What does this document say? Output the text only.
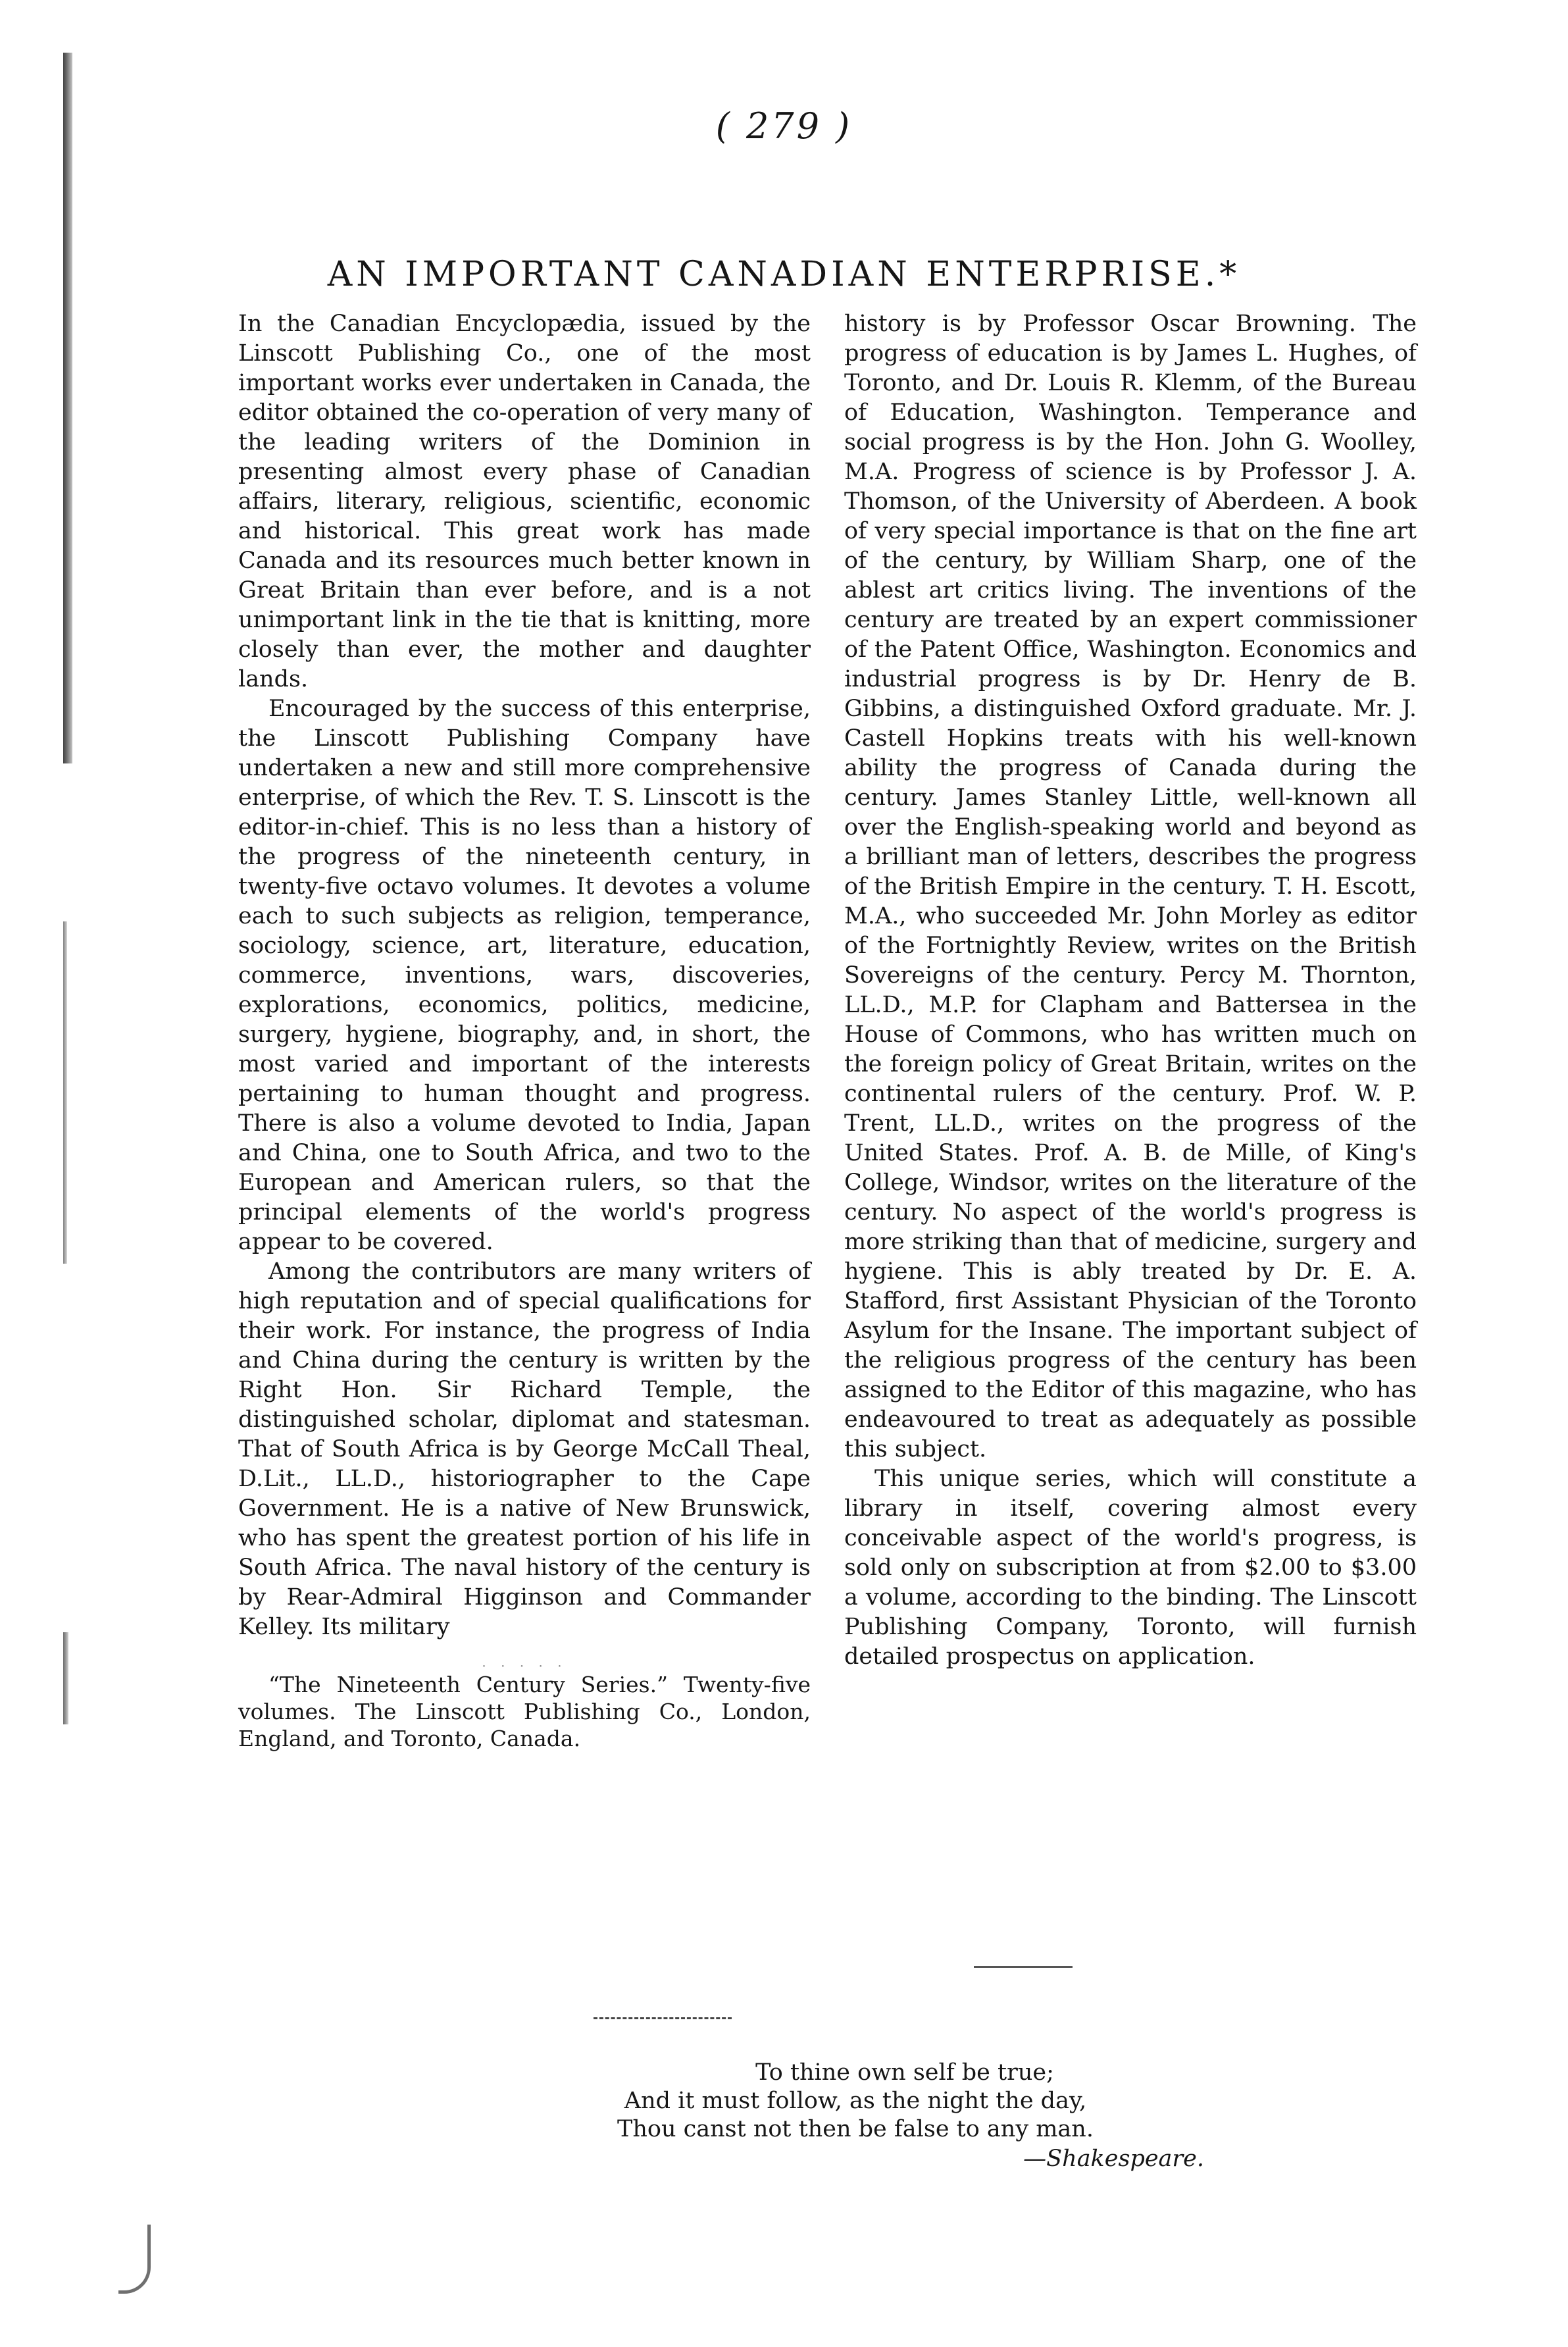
( 279 )
AN IMPORTANT CANADIAN ENTERPRISE.*

In the Canadian Encyclopædia, issued by the Linscott Publishing Co., one of the most important works ever undertaken in Canada, the editor obtained the co-operation of very many of the leading writers of the Dominion in presenting almost every phase of Canadian affairs, literary, religious, scientific, economic and historical. This great work has made Canada and its resources much better known in Great Britain than ever before, and is a not unimportant link in the tie that is knitting, more closely than ever, the mother and daughter lands.

Encouraged by the success of this enterprise, the Linscott Publishing Company have undertaken a new and still more comprehensive enterprise, of which the Rev. T. S. Linscott is the editor-in-chief. This is no less than a history of the progress of the nineteenth century, in twenty-five octavo volumes. It devotes a volume each to such subjects as religion, temperance, sociology, science, art, literature, education, commerce, inventions, wars, discoveries, explorations, economics, politics, medicine, surgery, hygiene, biography, and, in short, the most varied and important of the interests pertaining to human thought and progress. There is also a volume devoted to India, Japan and China, one to South Africa, and two to the European and American rulers, so that the principal elements of the world's progress appear to be covered.

Among the contributors are many writers of high reputation and of special qualifications for their work. For instance, the progress of India and China during the century is written by the Right Hon. Sir Richard Temple, the distinguished scholar, diplomat and statesman. That of South Africa is by George McCall Theal, D.Lit., LL.D., historiographer to the Cape Government. He is a native of New Brunswick, who has spent the greatest portion of his life in South Africa. The naval history of the century is by Rear-Admiral Higginson and Commander Kelley. Its military

· · · · ·

“The Nineteenth Century Series.” Twenty-five volumes. The Linscott Publishing Co., London, England, and Toronto, Canada.

history is by Professor Oscar Browning. The progress of education is by James L. Hughes, of Toronto, and Dr. Louis R. Klemm, of the Bureau of Education, Washington. Temperance and social progress is by the Hon. John G. Woolley, M.A. Progress of science is by Professor J. A. Thomson, of the University of Aberdeen. A book of very special importance is that on the fine art of the century, by William Sharp, one of the ablest art critics living. The inventions of the century are treated by an expert commissioner of the Patent Office, Washington. Economics and industrial progress is by Dr. Henry de B. Gibbins, a distinguished Oxford graduate. Mr. J. Castell Hopkins treats with his well-known ability the progress of Canada during the century. James Stanley Little, well-known all over the English-speaking world and beyond as a brilliant man of letters, describes the progress of the British Empire in the century. T. H. Escott, M.A., who succeeded Mr. John Morley as editor of the Fortnightly Review, writes on the British Sovereigns of the century. Percy M. Thornton, LL.D., M.P. for Clapham and Battersea in the House of Commons, who has written much on the foreign policy of Great Britain, writes on the continental rulers of the century. Prof. W. P. Trent, LL.D., writes on the progress of the United States. Prof. A. B. de Mille, of King's College, Windsor, writes on the literature of the century. No aspect of the world's progress is more striking than that of medicine, surgery and hygiene. This is ably treated by Dr. E. A. Stafford, first Assistant Physician of the Toronto Asylum for the Insane. The important subject of the religious progress of the century has been assigned to the Editor of this magazine, who has endeavoured to treat as adequately as possible this subject.

This unique series, which will constitute a library in itself, covering almost every conceivable aspect of the world's progress, is sold only on subscription at from $2.00 to $3.00 a volume, according to the binding. The Linscott Publishing Company, Toronto, will furnish detailed prospectus on application.

To thine own self be true;
And it must follow, as the night the day,
Thou canst not then be false to any man.
—Shakespeare.
